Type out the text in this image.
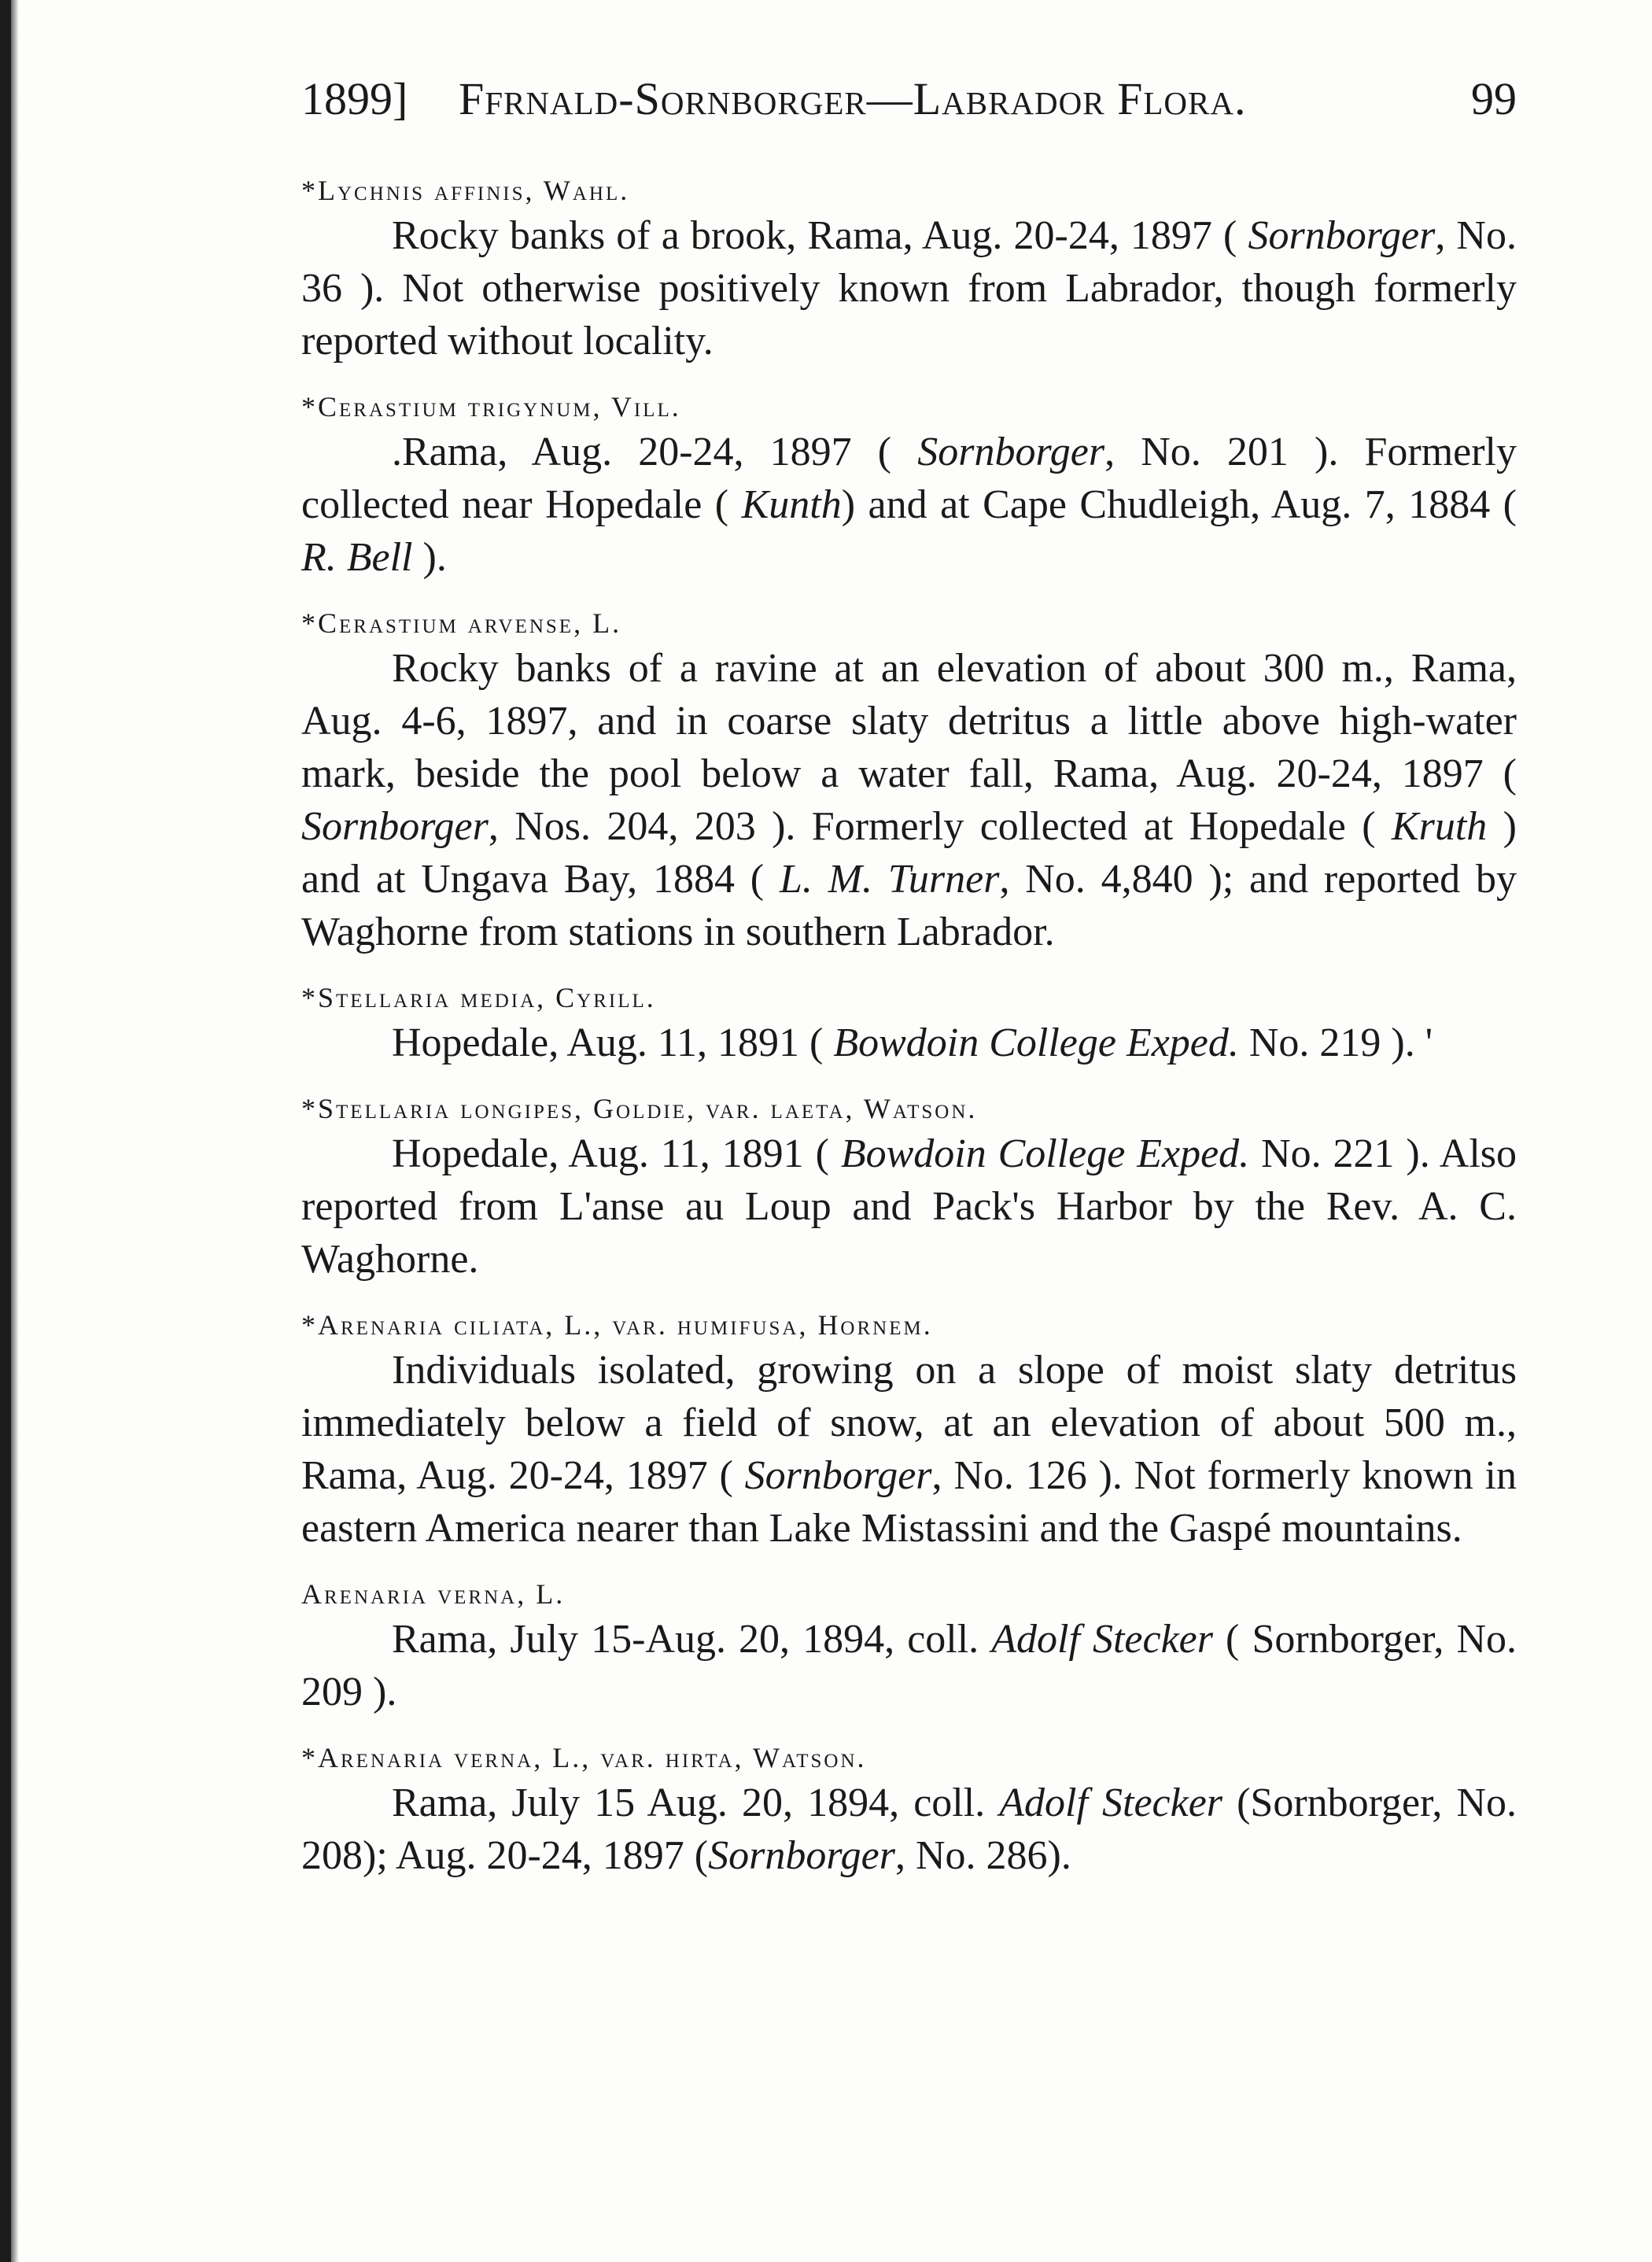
1899] Ffrnald-Sornborger—Labrador Flora.	99

*Lychnis affinis, Wahl.

Rocky banks of a brook, Rama, Aug. 20-24, 1897 ( Sornborger, No. 36 ). Not otherwise positively known from Labrador, though formerly reported without locality.

*Cerastium trigynum, Vill.

.Rama, Aug. 20-24, 1897 ( Sornborger, No. 201 ). Formerly collected near Hopedale ( Kunth) and at Cape Chudleigh, Aug. 7, 1884 ( R. Bell ).

*Cerastium arvense, L.

Rocky banks of a ravine at an elevation of about 300 m., Rama, Aug. 4-6, 1897, and in coarse slaty detritus a little above high-water mark, beside the pool below a water fall, Rama, Aug. 20-24, 1897 ( Sornborger, Nos. 204, 203 ). Formerly collected at Hopedale ( Kruth ) and at Ungava Bay, 1884 ( L. M. Turner, No. 4,840 ); and reported by Waghorne from stations in southern Labrador.

*Stellaria media, Cyrill.

Hopedale, Aug. 11, 1891 ( Bowdoin College Exped. No. 219 ). '

*Stellaria longipes, Goldie, var. laeta, Watson.

Hopedale, Aug. 11, 1891 ( Bowdoin College Exped. No. 221 ). Also reported from L'anse au Loup and Pack's Harbor by the Rev. A. C. Waghorne.

*Arenaria ciliata, L., var. humifusa, Hornem.

Individuals isolated, growing on a slope of moist slaty detritus immediately below a field of snow, at an elevation of about 500 m., Rama, Aug. 20-24, 1897 ( Sornborger, No. 126 ). Not formerly known in eastern America nearer than Lake Mistassini and the Gaspé mountains.

Arenaria verna, L.

Rama, July 15-Aug. 20, 1894, coll. Adolf Stecker ( Sornborger, No. 209 ).

*Arenaria verna, L., var. hirta, Watson.

Rama, July 15 Aug. 20, 1894, coll. Adolf Stecker (Sornborger, No. 208); Aug. 20-24, 1897 (Sornborger, No. 286).
